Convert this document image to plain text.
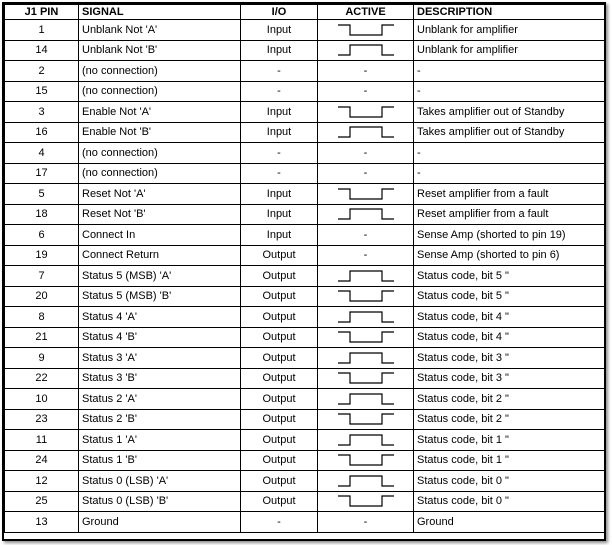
J1 PIN	SIGNAL	I/O	ACTIVE	DESCRIPTION
1	Unblank Not 'A'	Input		Unblank for amplifier
14	Unblank Not 'B'	Input		Unblank for amplifier
2	(no connection)	-	-	-
15	(no connection)	-	-	-
3	Enable Not 'A'	Input		Takes amplifier out of Standby
16	Enable Not 'B'	Input		Takes amplifier out of Standby
4	(no connection)	-	-	-
17	(no connection)	-	-	-
5	Reset Not 'A'	Input		Reset amplifier from a fault
18	Reset Not 'B'	Input		Reset amplifier from a fault
6	Connect In	Input	-	Sense Amp (shorted to pin 19)
19	Connect Return	Output	-	Sense Amp (shorted to pin 6)
7	Status 5 (MSB) 'A'	Output		Status code, bit 5 "
20	Status 5 (MSB) 'B'	Output		Status code, bit 5 "
8	Status 4 'A'	Output		Status code, bit 4 "
21	Status 4 'B'	Output		Status code, bit 4 "
9	Status 3 'A'	Output		Status code, bit 3 "
22	Status 3 'B'	Output		Status code, bit 3 "
10	Status 2 'A'	Output		Status code, bit 2 "
23	Status 2 'B'	Output		Status code, bit 2 "
11	Status 1 'A'	Output		Status code, bit 1 "
24	Status 1 'B'	Output		Status code, bit 1 "
12	Status 0 (LSB) 'A'	Output		Status code, bit 0 "
25	Status 0 (LSB) 'B'	Output		Status code, bit 0 "
13	Ground	-	-	Ground
